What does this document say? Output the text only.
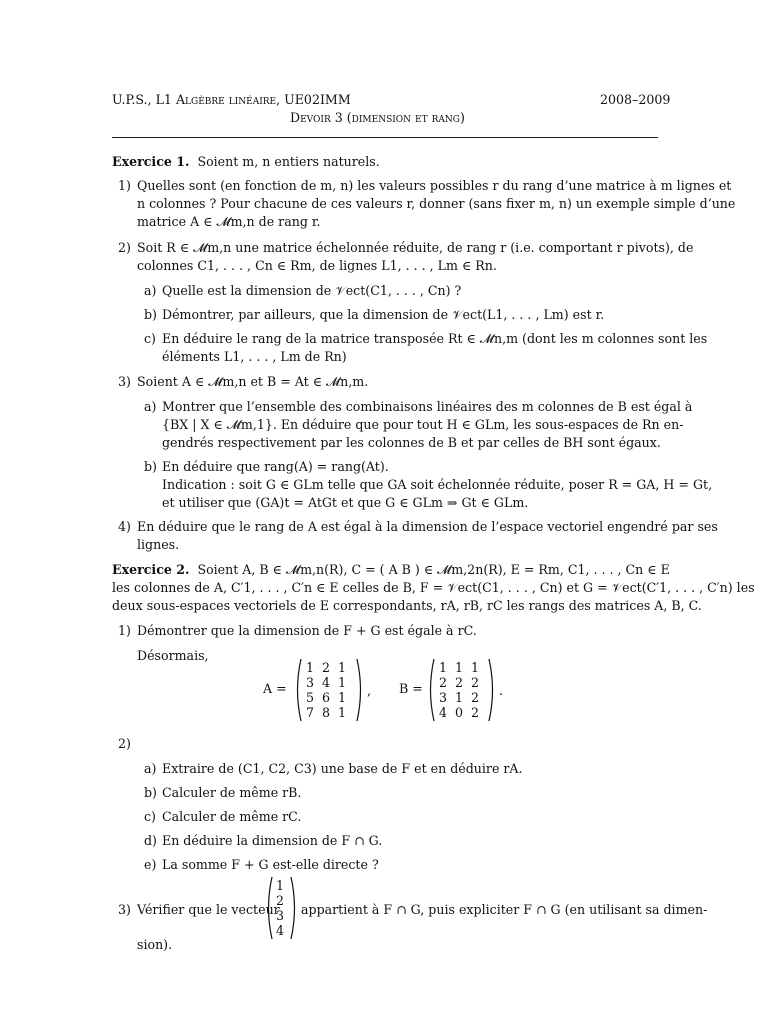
U.P.S., L1 Algèbre linéaire, UE02IMM	2008–2009
Devoir 3 (dimension et rang)
Exercice 1. Soient m, n entiers naturels.
1) Quelles sont (en fonction de m, n) les valeurs possibles r du rang d’une matrice à m lignes et
n colonnes ? Pour chacune de ces valeurs r, donner (sans fixer m, n) un exemple simple d’une
matrice A ∈ 𝓜m,n de rang r.
2) Soit R ∈ 𝓜m,n une matrice échelonnée réduite, de rang r (i.e. comportant r pivots), de
colonnes C1, . . . , Cn ∈ Rm, de lignes L1, . . . , Lm ∈ Rn.
a) Quelle est la dimension de 𝒱ect(C1, . . . , Cn) ?
b) Démontrer, par ailleurs, que la dimension de 𝒱ect(L1, . . . , Lm) est r.
c) En déduire le rang de la matrice transposée Rt ∈ 𝓜n,m (dont les m colonnes sont les
éléments L1, . . . , Lm de Rn)
3) Soient A ∈ 𝓜m,n et B = At ∈ 𝓜n,m.
a) Montrer que l’ensemble des combinaisons linéaires des m colonnes de B est égal à
{BX | X ∈ 𝓜m,1}. En déduire que pour tout H ∈ GLm, les sous-espaces de Rn en-
gendrés respectivement par les colonnes de B et par celles de BH sont égaux.
b) En déduire que rang(A) = rang(At).
Indication : soit G ∈ GLm telle que GA soit échelonnée réduite, poser R = GA, H = Gt,
et utiliser que (GA)t = AtGt et que G ∈ GLm ⇒ Gt ∈ GLm.
4) En déduire que le rang de A est égal à la dimension de l’espace vectoriel engendré par ses
lignes.
Exercice 2. Soient A, B ∈ 𝓜m,n(R), C = ( A B ) ∈ 𝓜m,2n(R), E = Rm, C1, . . . , Cn ∈ E
les colonnes de A, C′1, . . . , C′n ∈ E celles de B, F = 𝒱ect(C1, . . . , Cn) et G = 𝒱ect(C′1, . . . , C′n) les
deux sous-espaces vectoriels de E correspondants, rA, rB, rC les rangs des matrices A, B, C.
1) Démontrer que la dimension de F + G est égale à rC.
Désormais,
A =
1	2	1
3	4	1
5	6	1
7	8	1
, B =
1	1	1
2	2	2
3	1	2
4	0	2
.
2)
a) Extraire de (C1, C2, C3) une base de F et en déduire rA.
b) Calculer de même rB.
c) Calculer de même rC.
d) En déduire la dimension de F ∩ G.
e) La somme F + G est-elle directe ?
3) Vérifier que le vecteur
1
2
3
4
appartient à F ∩ G, puis expliciter F ∩ G (en utilisant sa dimen-
sion).
